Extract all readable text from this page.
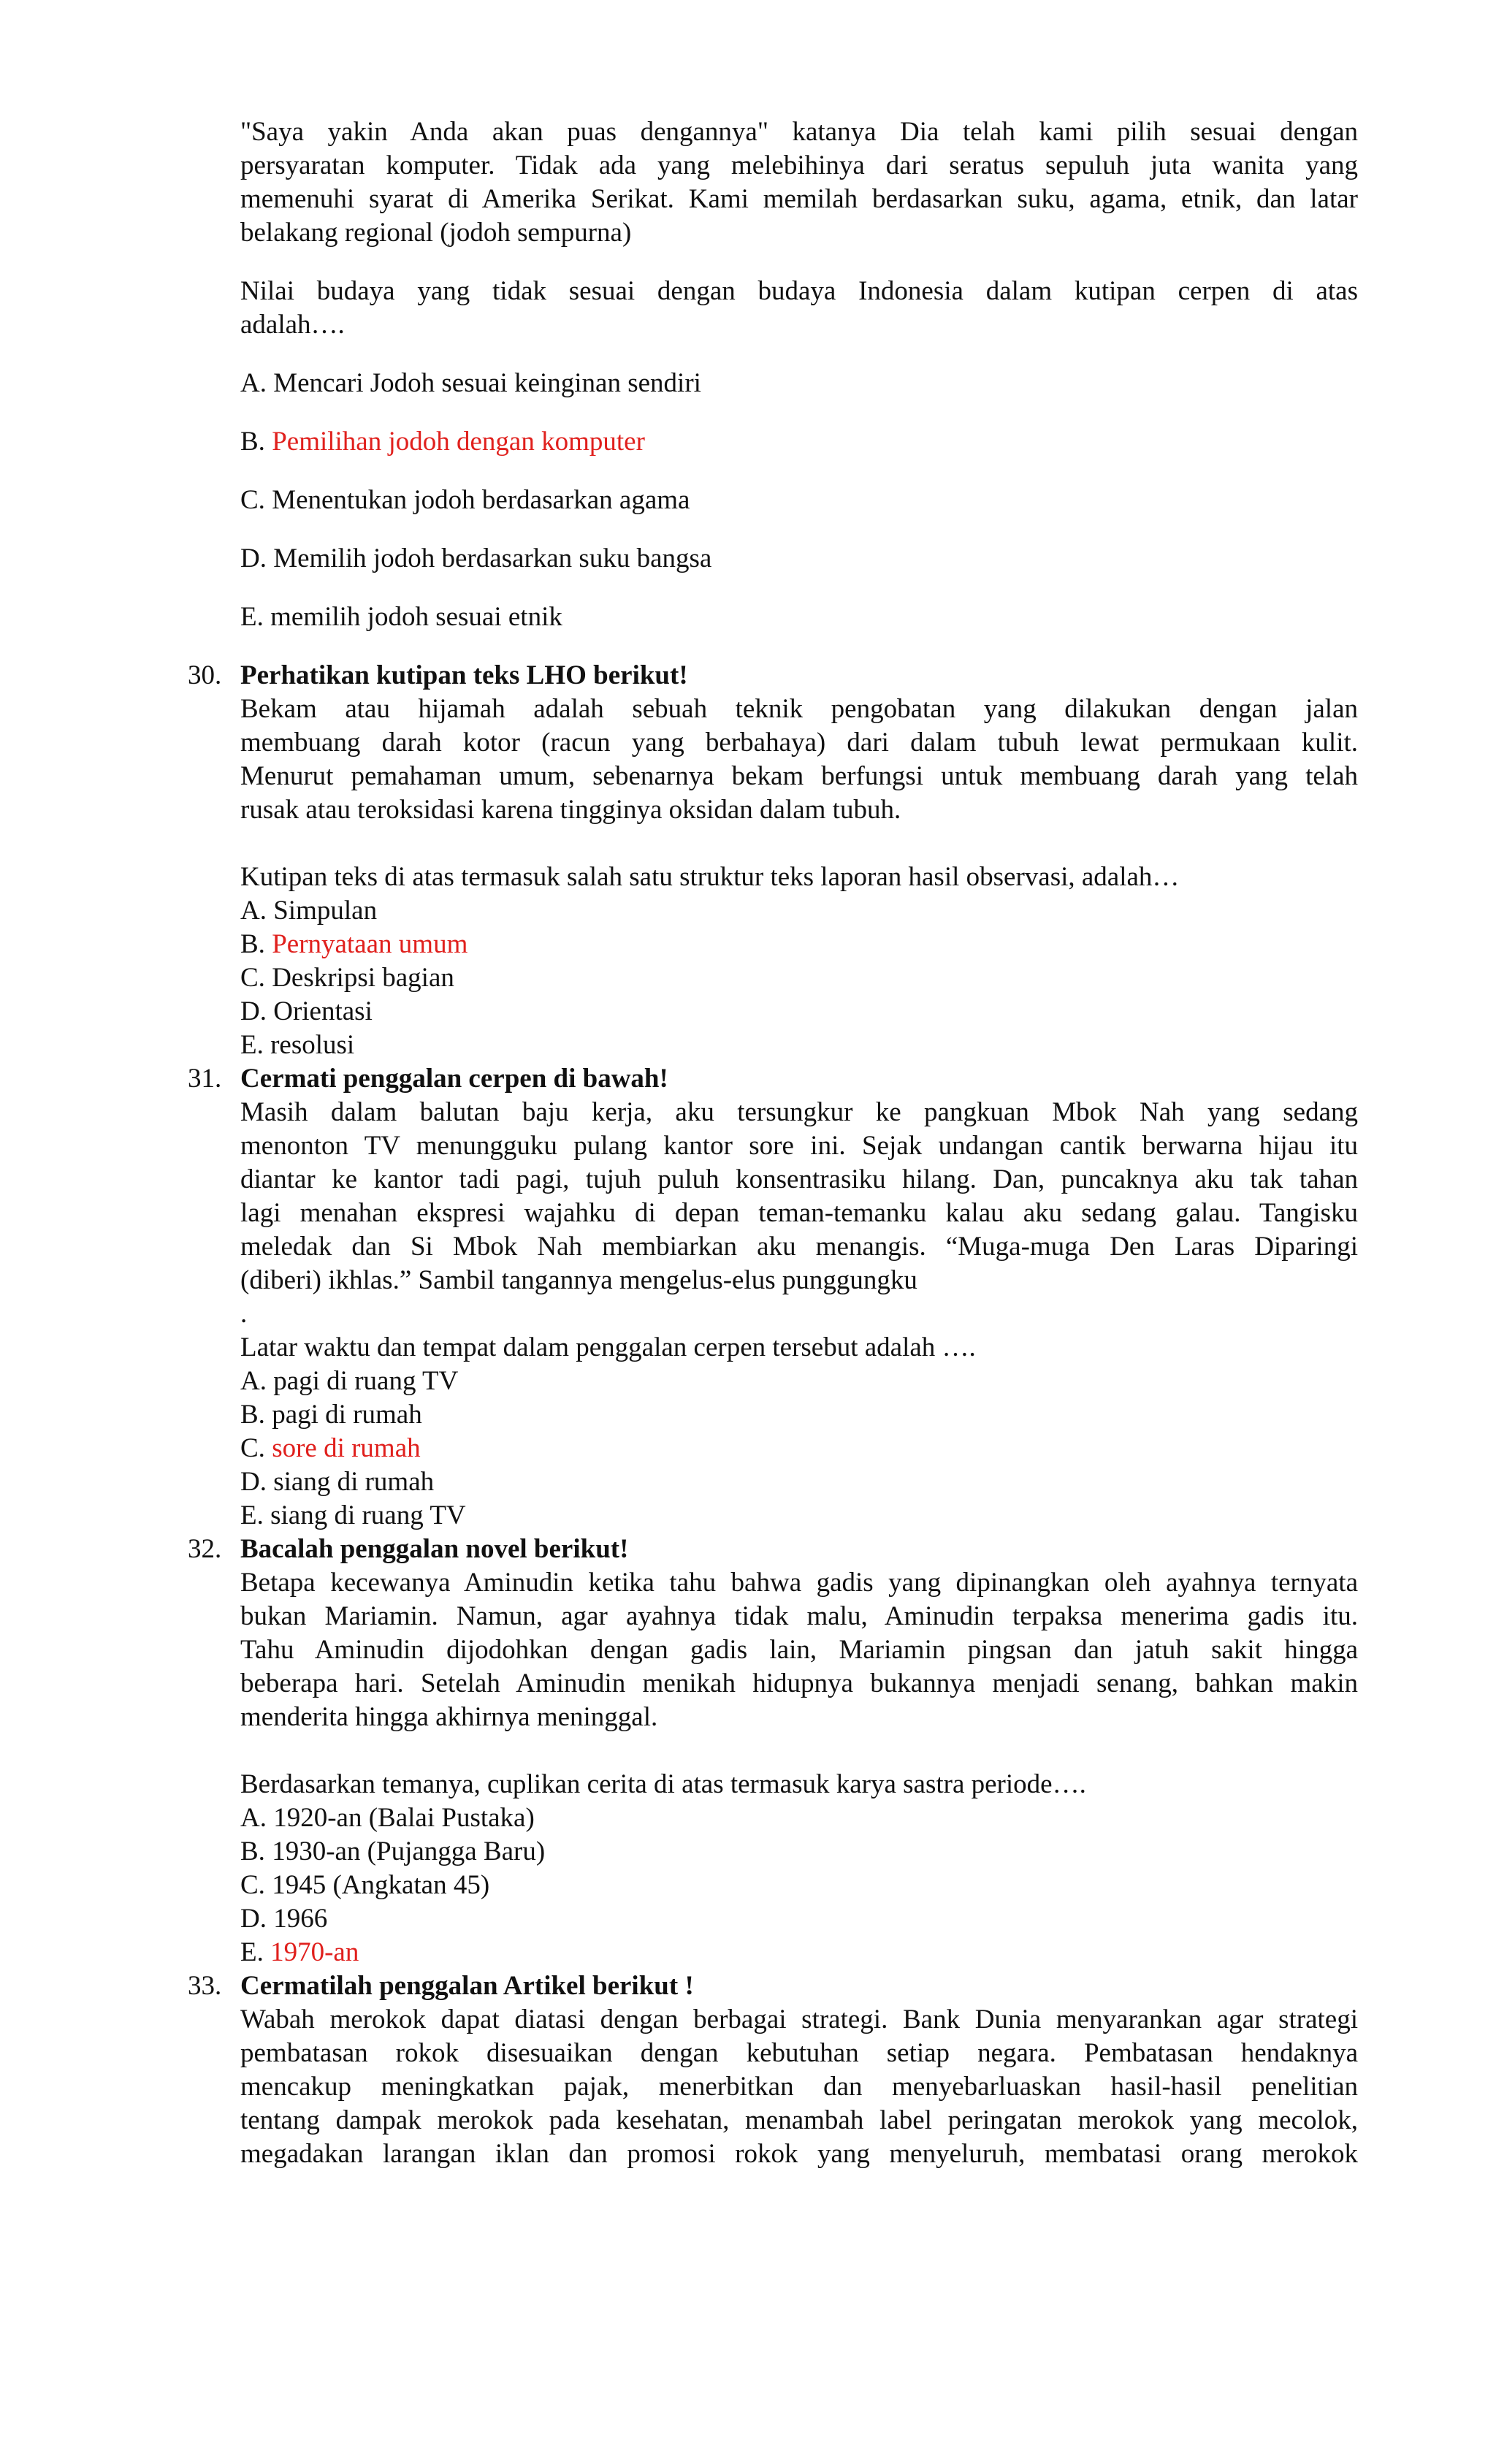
"Saya yakin Anda akan puas dengannya" katanya Dia telah kami pilih sesuai dengan

persyaratan komputer. Tidak ada yang melebihinya dari seratus sepuluh juta wanita yang

memenuhi syarat di Amerika Serikat. Kami memilah berdasarkan suku, agama, etnik, dan latar

belakang regional (jodoh sempurna)

Nilai budaya yang tidak sesuai dengan budaya Indonesia dalam kutipan cerpen di atas

adalah….

A. Mencari Jodoh sesuai keinginan sendiri

B. Pemilihan jodoh dengan komputer

C. Menentukan jodoh berdasarkan agama

D. Memilih jodoh berdasarkan suku bangsa

E. memilih jodoh sesuai etnik

30. Perhatikan kutipan teks LHO berikut!

Bekam atau hijamah adalah sebuah teknik pengobatan yang dilakukan dengan jalan

membuang darah kotor (racun yang berbahaya) dari dalam tubuh lewat permukaan kulit.

Menurut pemahaman umum, sebenarnya bekam berfungsi untuk membuang darah yang telah

rusak atau teroksidasi karena tingginya oksidan dalam tubuh.

Kutipan teks di atas termasuk salah satu struktur teks laporan hasil observasi, adalah…

A. Simpulan

B. Pernyataan umum

C. Deskripsi bagian

D. Orientasi

E. resolusi

31. Cermati penggalan cerpen di bawah!

Masih dalam balutan baju kerja, aku tersungkur ke pangkuan Mbok Nah yang sedang

menonton TV menungguku pulang kantor sore ini. Sejak undangan cantik berwarna hijau itu

diantar ke kantor tadi pagi, tujuh puluh konsentrasiku hilang. Dan, puncaknya aku tak tahan

lagi menahan ekspresi wajahku di depan teman-temanku kalau aku sedang galau. Tangisku

meledak dan Si Mbok Nah membiarkan aku menangis. “Muga-muga Den Laras Diparingi

(diberi) ikhlas.” Sambil tangannya mengelus-elus punggungku

.

Latar waktu dan tempat dalam penggalan cerpen tersebut adalah ….

A. pagi di ruang TV

B. pagi di rumah

C. sore di rumah

D. siang di rumah

E. siang di ruang TV

32. Bacalah penggalan novel berikut!

Betapa kecewanya Aminudin ketika tahu bahwa gadis yang dipinangkan oleh ayahnya ternyata

bukan Mariamin. Namun, agar ayahnya tidak malu, Aminudin terpaksa menerima gadis itu.

Tahu Aminudin dijodohkan dengan gadis lain, Mariamin pingsan dan jatuh sakit hingga

beberapa hari. Setelah Aminudin menikah hidupnya bukannya menjadi senang, bahkan makin

menderita hingga akhirnya meninggal.

Berdasarkan temanya, cuplikan cerita di atas termasuk karya sastra periode….

A. 1920-an (Balai Pustaka)

B. 1930-an (Pujangga Baru)

C. 1945 (Angkatan 45)

D. 1966

E. 1970-an

33. Cermatilah penggalan Artikel berikut !

Wabah merokok dapat diatasi dengan berbagai strategi. Bank Dunia menyarankan agar strategi

pembatasan rokok disesuaikan dengan kebutuhan setiap negara. Pembatasan hendaknya

mencakup meningkatkan pajak, menerbitkan dan menyebarluaskan hasil-hasil penelitian

tentang dampak merokok pada kesehatan, menambah label peringatan merokok yang mecolok,

megadakan larangan iklan dan promosi rokok yang menyeluruh, membatasi orang merokok
